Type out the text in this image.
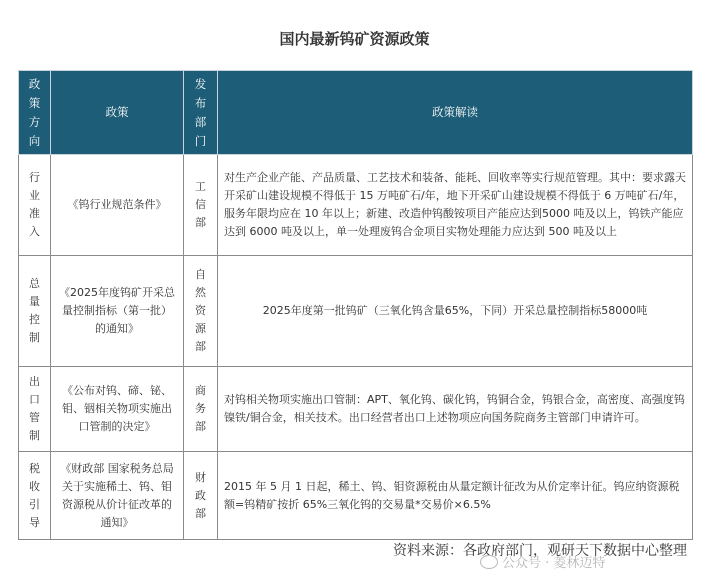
国内最新钨矿资源政策
政策方向	政策	发布部门	政策解读

行业准入	《钨行业规范条件》	工信部	对生产企业产能、产品质量、工艺技术和装备、能耗、回收率等实行规范管理。其中：要求露天开采矿山建设规模不得低于 15 万吨矿石/年，地下开采矿山建设规模不得低于 6 万吨矿石/年，服务年限均应在 10 年以上；新建、改造仲钨酸铵项目产能应达到5000 吨及以上，钨铁产能应达到 6000 吨及以上，单一处理废钨合金项目实物处理能力应达到 500 吨及以上

总量控制	《2025年度钨矿开采总量控制指标（第一批）的通知》	自然资源部	2025年度第一批钨矿（三氧化钨含量65%，下同）开采总量控制指标58000吨

出口管制	《公布对钨、碲、铋、钼、铟相关物项实施出口管制的决定》	商务部	对钨相关物项实施出口管制：APT、氧化钨、碳化钨，钨铜合金，钨银合金，高密度、高强度钨镍铁/铜合金，相关技术。出口经营者出口上述物项应向国务院商务主管部门申请许可。

税收引导	《财政部 国家税务总局关于实施稀土、钨、钼资源税从价计征改革的通知》	财政部	2015 年 5 月 1 日起，稀土、钨、钼资源税由从量定额计征改为从价定率计征。钨应纳资源税额=钨精矿按折 65%三氧化钨的交易量*交易价×6.5%
资料来源：各政府部门，观研天下数据中心整理
公众号 · 菱林迈特
